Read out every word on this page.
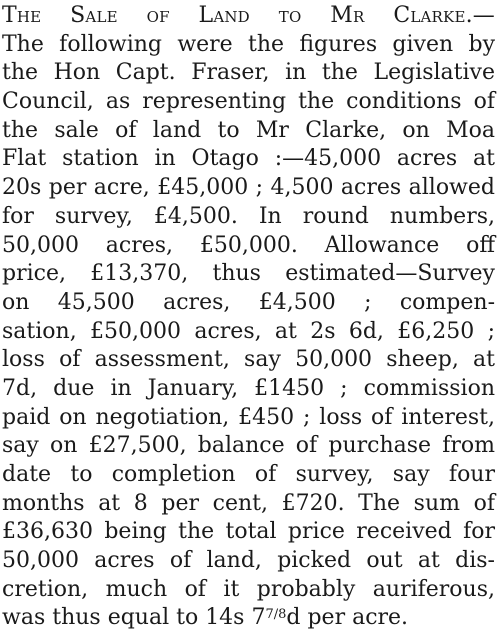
The Sale of Land to Mr Clarke.—
The following were the figures given by
the Hon Capt. Fraser, in the Legislative
Council, as representing the conditions of
the sale of land to Mr Clarke, on Moa
Flat station in Otago :—45,000 acres at
20s per acre, £45,000 ; 4,500 acres allowed
for survey, £4,500. In round numbers,
50,000 acres, £50,000. Allowance off
price, £13,370, thus estimated—Survey
on 45,500 acres, £4,500 ; compen-
sation, £50,000 acres, at 2s 6d, £6,250 ;
loss of assessment, say 50,000 sheep, at
7d, due in January, £1450 ; commission
paid on negotiation, £450 ; loss of interest,
say on £27,500, balance of purchase from
date to completion of survey, say four
months at 8 per cent, £720. The sum of
£36,630 being the total price received for
50,000 acres of land, picked out at dis-
cretion, much of it probably auriferous,
was thus equal to 14s $7^{7/8}d$ per acre.
